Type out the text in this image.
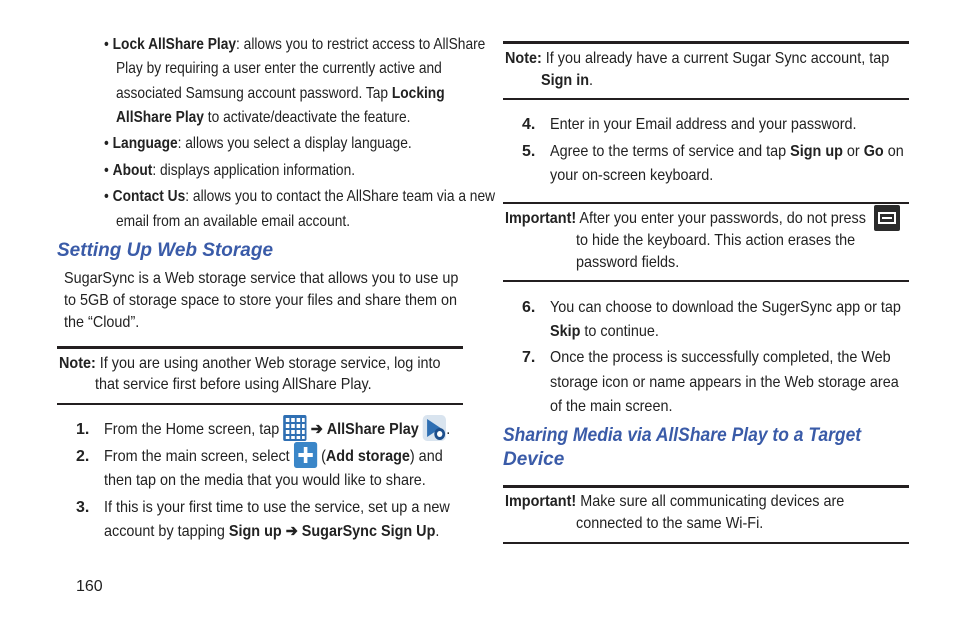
• Lock AllShare Play: allows you to restrict access to AllShare
Play by requiring a user enter the currently active and
associated Samsung account password. Tap Locking
AllShare Play to activate/deactivate the feature.
• Language: allows you select a display language.
• About: displays application information.
• Contact Us: allows you to contact the AllShare team via a new
email from an available email account.
Setting Up Web Storage
SugarSync is a Web storage service that allows you to use up
to 5GB of storage space to store your files and share them on
the “Cloud”.
Note: If you are using another Web storage service, log into
that service first before using AllShare Play.
1. From the Home screen, tap ➔ AllShare Play .
2. From the main screen, select (Add storage) and
then tap on the media that you would like to share.
3. If this is your first time to use the service, set up a new
account by tapping Sign up ➔ SugarSync Sign Up.
160
Note: If you already have a current Sugar Sync account, tap
Sign in.
4. Enter in your Email address and your password.
5. Agree to the terms of service and tap Sign up or Go on
your on-screen keyboard.
Important! After you enter your passwords, do not press
to hide the keyboard. This action erases the
password fields.
6. You can choose to download the SugerSync app or tap
Skip to continue.
7. Once the process is successfully completed, the Web
storage icon or name appears in the Web storage area
of the main screen.
Sharing Media via AllShare Play to a Target
Device
Important! Make sure all communicating devices are
connected to the same Wi-Fi.
